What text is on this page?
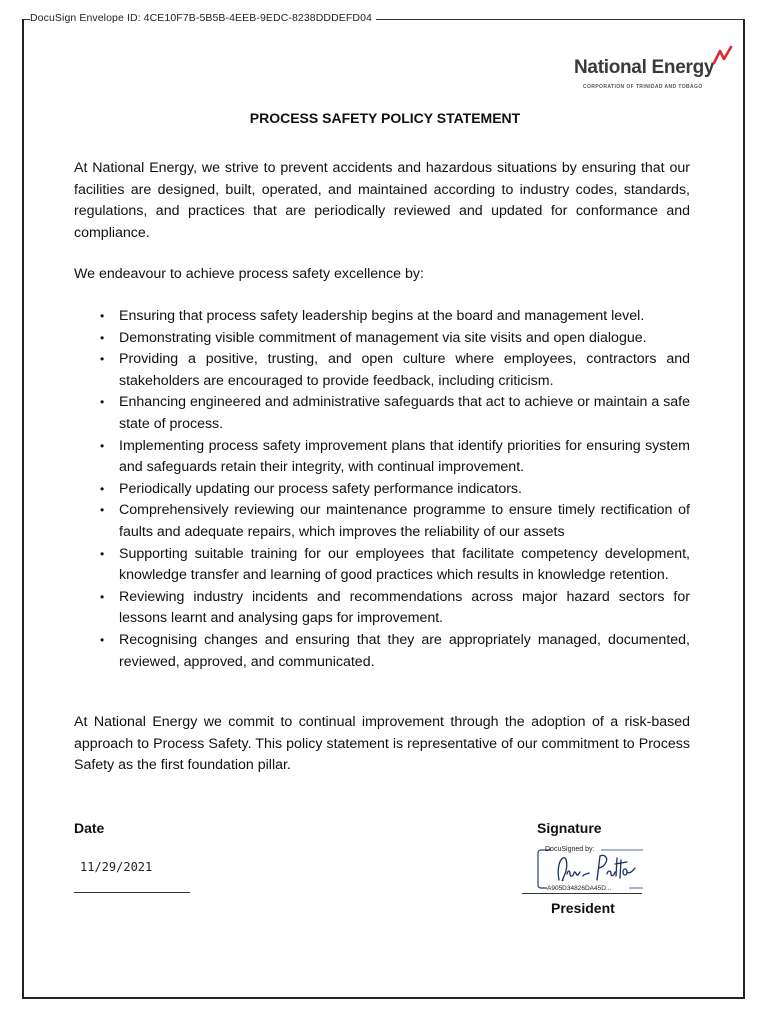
DocuSign Envelope ID: 4CE10F7B-5B5B-4EEB-9EDC-8238DDDEFD04
National Energy
CORPORATION OF TRINIDAD AND TOBAGO
PROCESS SAFETY POLICY STATEMENT

At National Energy, we strive to prevent accidents and hazardous situations by ensuring that our facilities are designed, built, operated, and maintained according to industry codes, standards, regulations, and practices that are periodically reviewed and updated for conformance and compliance.

We endeavour to achieve process safety excellence by:

• Ensuring that process safety leadership begins at the board and management level.
• Demonstrating visible commitment of management via site visits and open dialogue.
• Providing a positive, trusting, and open culture where employees, contractors and stakeholders are encouraged to provide feedback, including criticism.
• Enhancing engineered and administrative safeguards that act to achieve or maintain a safe state of process.
• Implementing process safety improvement plans that identify priorities for ensuring system and safeguards retain their integrity, with continual improvement.
• Periodically updating our process safety performance indicators.
• Comprehensively reviewing our maintenance programme to ensure timely rectification of faults and adequate repairs, which improves the reliability of our assets
• Supporting suitable training for our employees that facilitate competency development, knowledge transfer and learning of good practices which results in knowledge retention.
• Reviewing industry incidents and recommendations across major hazard sectors for lessons learnt and analysing gaps for improvement.
• Recognising changes and ensuring that they are appropriately managed, documented, reviewed, approved, and communicated.

At National Energy we commit to continual improvement through the adoption of a risk-based approach to Process Safety. This policy statement is representative of our commitment to Process Safety as the first foundation pillar.

Date
11/29/2021
Signature
DocuSigned by:
A905D34826DA45D...
President
